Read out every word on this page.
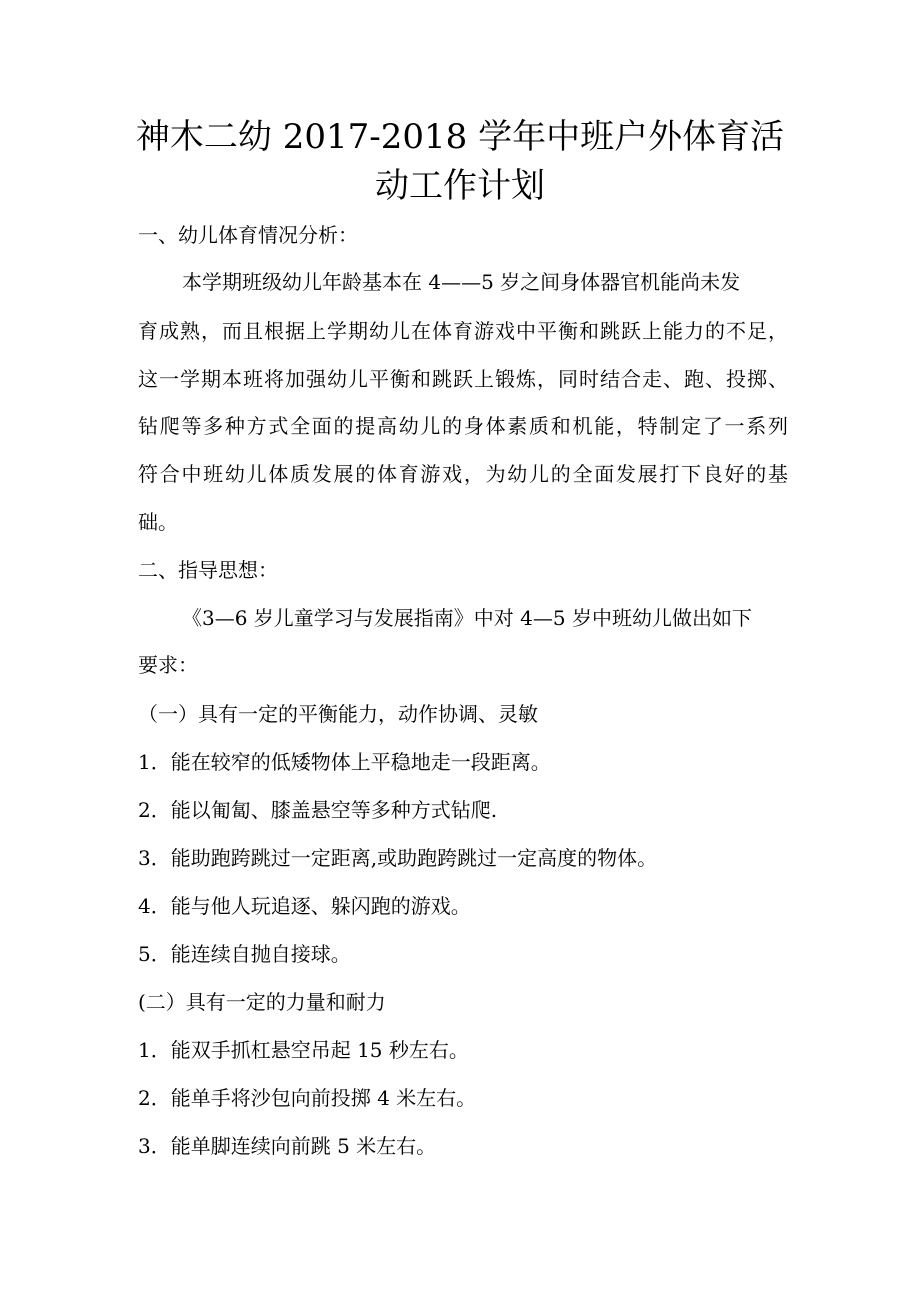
神木二幼 2017-2018 学年中班户外体育活
动工作计划

一、幼儿体育情况分析：

本学期班级幼儿年龄基本在 4——5 岁之间身体器官机能尚未发

育成熟，而且根据上学期幼儿在体育游戏中平衡和跳跃上能力的不足，

这一学期本班将加强幼儿平衡和跳跃上锻炼，同时结合走、跑、投掷、

钻爬等多种方式全面的提高幼儿的身体素质和机能，特制定了一系列

符合中班幼儿体质发展的体育游戏，为幼儿的全面发展打下良好的基

础。

二、指导思想：

《3—6 岁儿童学习与发展指南》中对 4—5 岁中班幼儿做出如下

要求：

（一）具有一定的平衡能力，动作协调、灵敏

1．能在较窄的低矮物体上平稳地走一段距离。

2．能以匍匐、膝盖悬空等多种方式钻爬.

3．能助跑跨跳过一定距离,或助跑跨跳过一定高度的物体。

4．能与他人玩追逐、躲闪跑的游戏。

5．能连续自抛自接球。

(二）具有一定的力量和耐力

1．能双手抓杠悬空吊起 15 秒左右。

2．能单手将沙包向前投掷 4 米左右。

3．能单脚连续向前跳 5 米左右。
